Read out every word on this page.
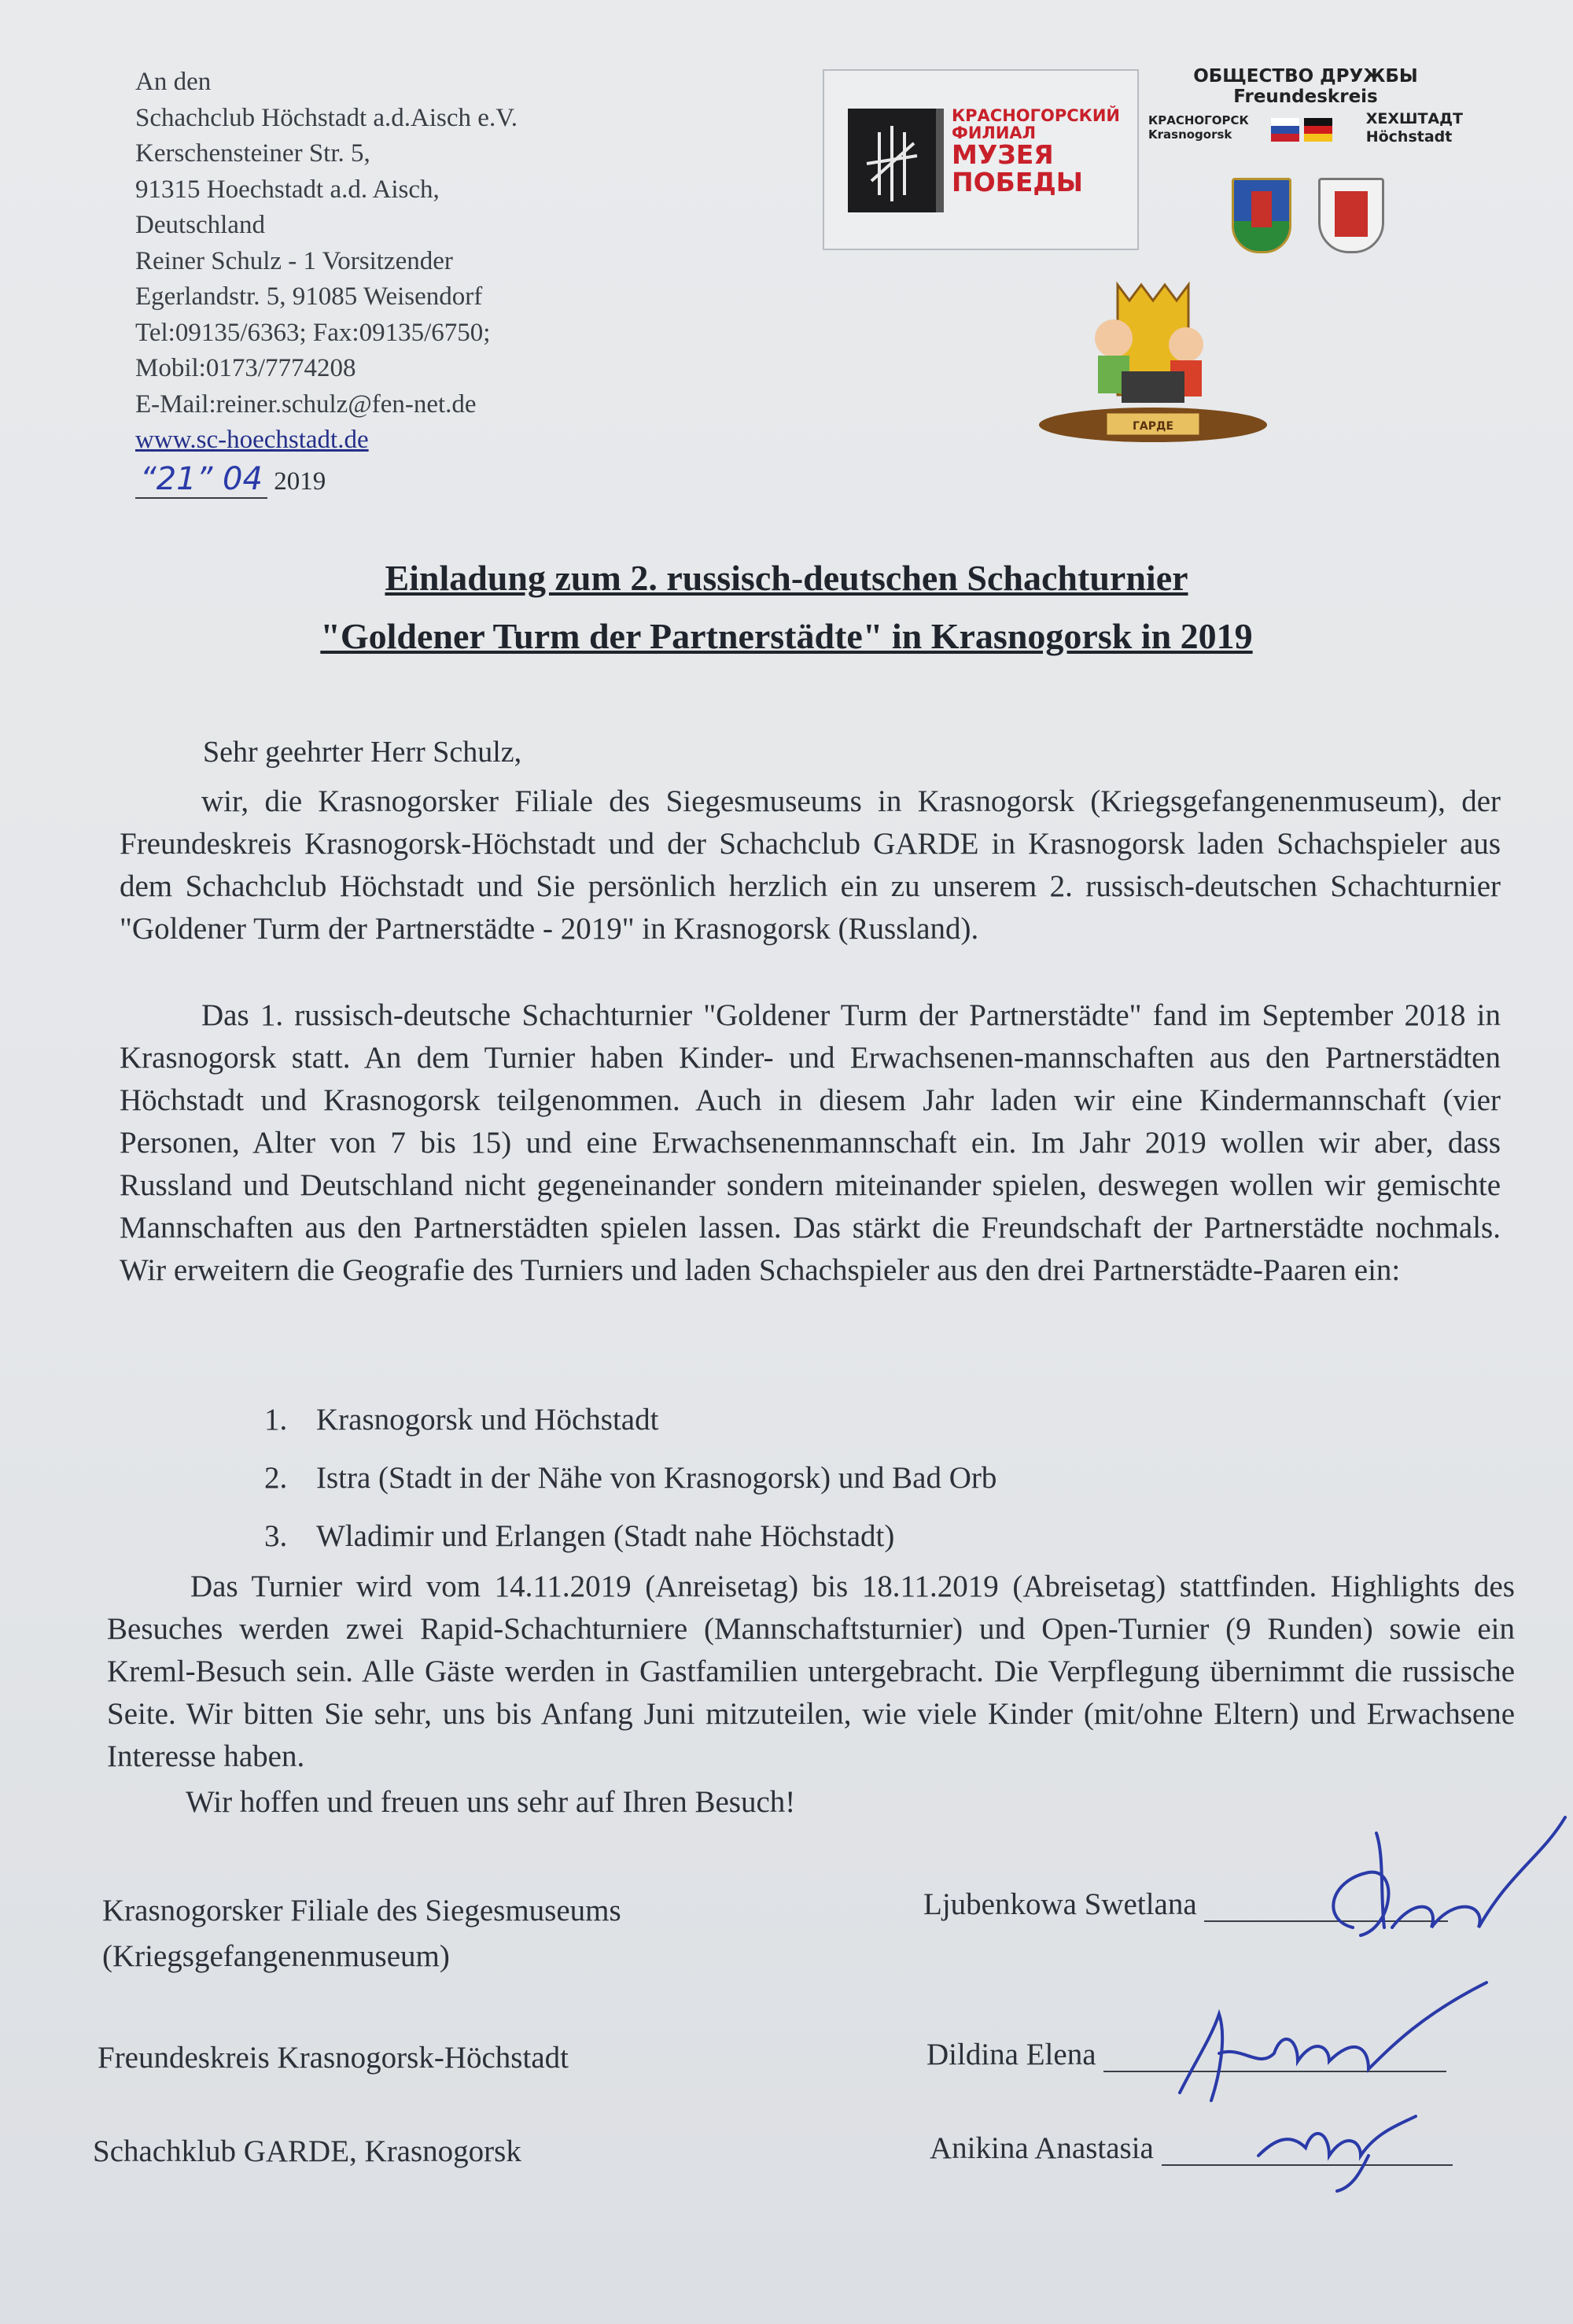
An den
Schachclub Höchstadt a.d.Aisch e.V.
Kerschensteiner Str. 5,
91315 Hoechstadt a.d. Aisch,
Deutschland
Reiner Schulz - 1 Vorsitzender
Egerlandstr. 5, 91085 Weisendorf
Tel:09135/6363; Fax:09135/6750;
Mobil:0173/7774208
E-Mail:reiner.schulz@fen-net.de
www.sc-hoechstadt.de
“21” 04 2019
КРАСНОГОРСКИЙ
ФИЛИАЛ
МУЗЕЯ
ПОБЕДЫ
ОБЩЕСТВО ДРУЖБЫ
Freundeskreis
КРАСНОГОРСК
Krasnogorsk
ХЕХШТАДТ
Höchstadt
ГАРДЕ
Einladung zum 2. russisch-deutschen Schachturnier
"Goldener Turm der Partnerstädte" in Krasnogorsk in 2019
Sehr geehrter Herr Schulz,
wir, die Krasnogorsker Filiale des Siegesmuseums in Krasnogorsk (Kriegsgefangenenmuseum), der Freundeskreis Krasnogorsk-Höchstadt und der Schachclub GARDE in Krasnogorsk laden Schachspieler aus dem Schachclub Höchstadt und Sie persönlich herzlich ein zu unserem 2. russisch-deutschen Schachturnier "Goldener Turm der Partnerstädte - 2019" in Krasnogorsk (Russland).
Das 1. russisch-deutsche Schachturnier "Goldener Turm der Partnerstädte" fand im September 2018 in Krasnogorsk statt. An dem Turnier haben Kinder- und Erwachsenen-mannschaften aus den Partnerstädten Höchstadt und Krasnogorsk teilgenommen. Auch in diesem Jahr laden wir eine Kindermannschaft (vier Personen, Alter von 7 bis 15) und eine Erwachsenenmannschaft ein. Im Jahr 2019 wollen wir aber, dass Russland und Deutschland nicht gegeneinander sondern miteinander spielen, deswegen wollen wir gemischte Mannschaften aus den Partnerstädten spielen lassen. Das stärkt die Freundschaft der Partnerstädte nochmals. Wir erweitern die Geografie des Turniers und laden Schachspieler aus den drei Partnerstädte-Paaren ein:
1. Krasnogorsk und Höchstadt
2. Istra (Stadt in der Nähe von Krasnogorsk) und Bad Orb
3. Wladimir und Erlangen (Stadt nahe Höchstadt)
Das Turnier wird vom 14.11.2019 (Anreisetag) bis 18.11.2019 (Abreisetag) stattfinden. Highlights des Besuches werden zwei Rapid-Schachturniere (Mannschaftsturnier) und Open-Turnier (9 Runden) sowie ein Kreml-Besuch sein. Alle Gäste werden in Gastfamilien untergebracht. Die Verpflegung übernimmt die russische Seite. Wir bitten Sie sehr, uns bis Anfang Juni mitzuteilen, wie viele Kinder (mit/ohne Eltern) und Erwachsene Interesse haben.
Wir hoffen und freuen uns sehr auf Ihren Besuch!
Krasnogorsker Filiale des Siegesmuseums
(Kriegsgefangenenmuseum)
Freundeskreis Krasnogorsk-Höchstadt
Schachklub GARDE, Krasnogorsk
Ljubenkowa Swetlana
Dildina Elena
Anikina Anastasia
